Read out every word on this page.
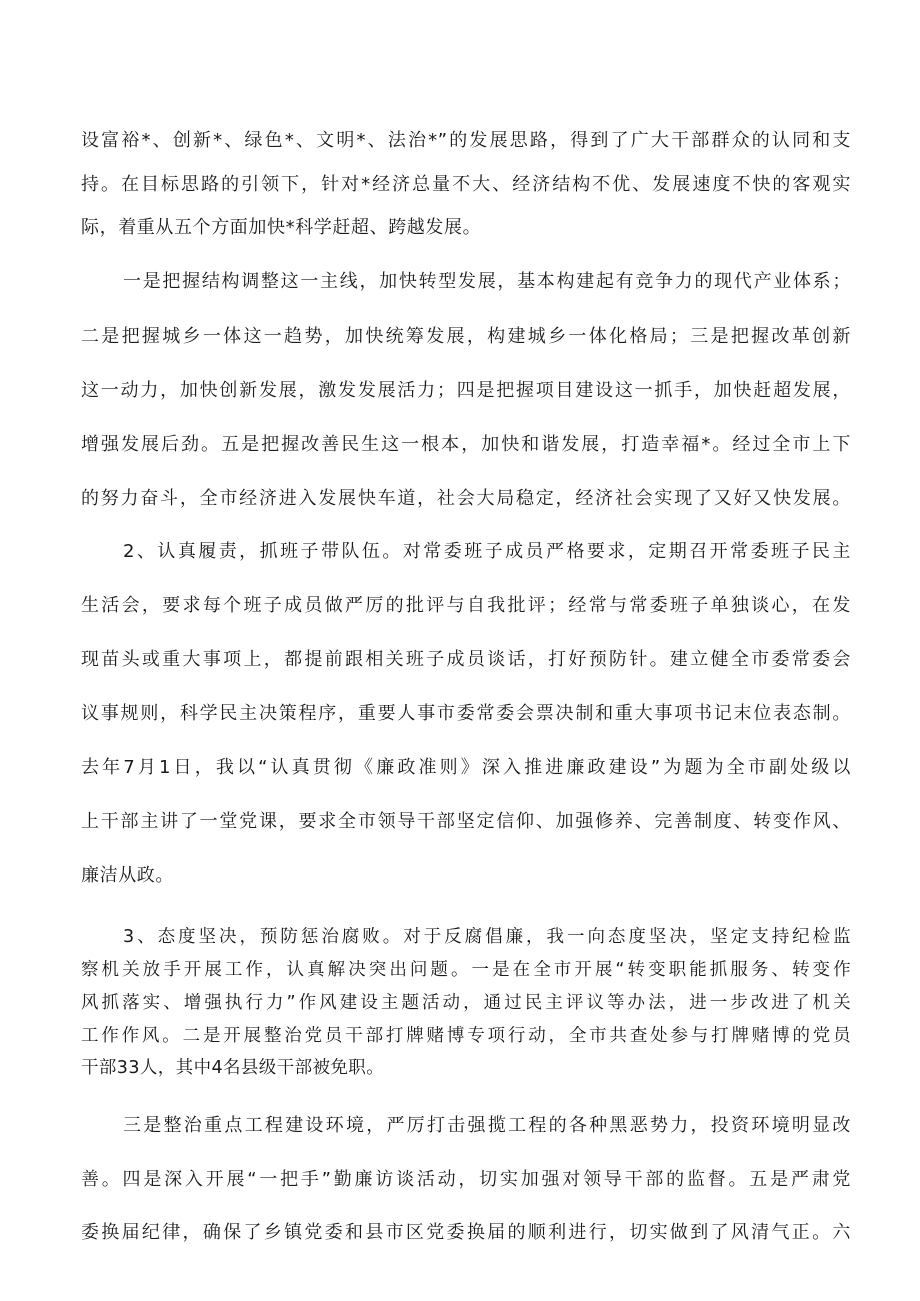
设富裕*、创新*、绿色*、文明*、法治*”的发展思路，得到了广大干部群众的认同和支
持。在目标思路的引领下，针对*经济总量不大、经济结构不优、发展速度不快的客观实
际，着重从五个方面加快*科学赶超、跨越发展。
一是把握结构调整这一主线，加快转型发展，基本构建起有竞争力的现代产业体系；
二是把握城乡一体这一趋势，加快统筹发展，构建城乡一体化格局；三是把握改革创新
这一动力，加快创新发展，激发发展活力；四是把握项目建设这一抓手，加快赶超发展，
增强发展后劲。五是把握改善民生这一根本，加快和谐发展，打造幸福*。经过全市上下
的努力奋斗，全市经济进入发展快车道，社会大局稳定，经济社会实现了又好又快发展。
2、认真履责，抓班子带队伍。对常委班子成员严格要求，定期召开常委班子民主
生活会，要求每个班子成员做严厉的批评与自我批评；经常与常委班子单独谈心，在发
现苗头或重大事项上，都提前跟相关班子成员谈话，打好预防针。建立健全市委常委会
议事规则，科学民主决策程序，重要人事市委常委会票决制和重大事项书记末位表态制。
去年7月1日，我以“认真贯彻《廉政准则》深入推进廉政建设”为题为全市副处级以
上干部主讲了一堂党课，要求全市领导干部坚定信仰、加强修养、完善制度、转变作风、
廉洁从政。
3、态度坚决，预防惩治腐败。对于反腐倡廉，我一向态度坚决，坚定支持纪检监
察机关放手开展工作，认真解决突出问题。一是在全市开展“转变职能抓服务、转变作
风抓落实、增强执行力”作风建设主题活动，通过民主评议等办法，进一步改进了机关
工作作风。二是开展整治党员干部打牌赌博专项行动，全市共查处参与打牌赌博的党员
干部33人，其中4名县级干部被免职。
三是整治重点工程建设环境，严厉打击强揽工程的各种黑恶势力，投资环境明显改
善。四是深入开展“一把手”勤廉访谈活动，切实加强对领导干部的监督。五是严肃党
委换届纪律，确保了乡镇党委和县市区党委换届的顺利进行，切实做到了风清气正。六
